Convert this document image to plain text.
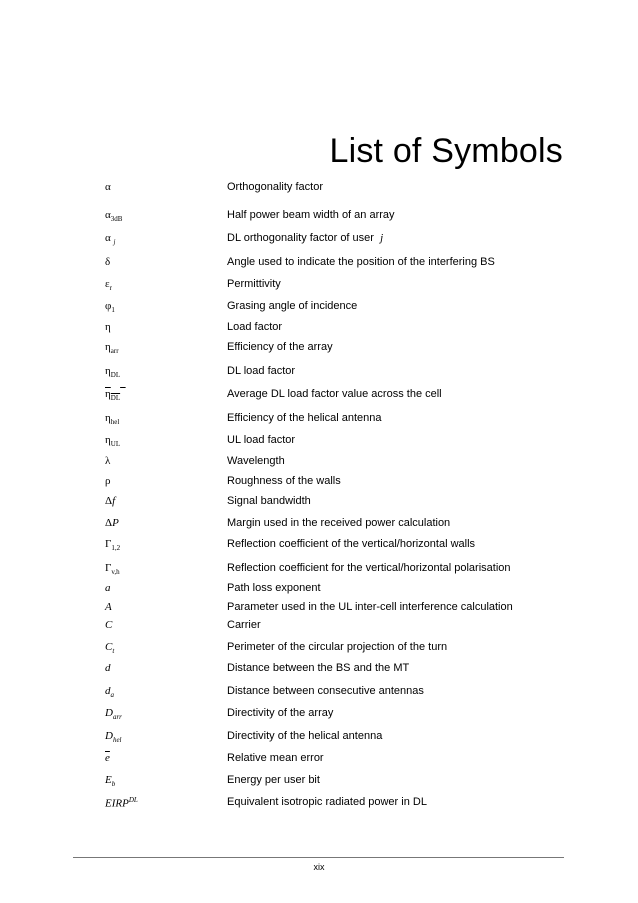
List of Symbols
α	Orthogonality factor
$\alpha_{3dB}$	Half power beam width of an array
α $_j$	DL orthogonality factor of user j
δ	Angle used to indicate the position of the interfering BS
$\varepsilon_r$	Permittivity
$\varphi_1$	Grasing angle of incidence
η	Load factor
$\eta_{arr}$	Efficiency of the array
$\eta_{DL}$	DL load factor
$\eta_{DL}$	Average DL load factor value across the cell
$\eta_{hel}$	Efficiency of the helical antenna
$\eta_{UL}$	UL load factor
λ	Wavelength
ρ	Roughness of the walls
Δf	Signal bandwidth
ΔP	Margin used in the received power calculation
$\Gamma_{1,2}$	Reflection coefficient of the vertical/horizontal walls
$\Gamma_{v,h}$	Reflection coefficient for the vertical/horizontal polarisation
a	Path loss exponent
A	Parameter used in the UL inter-cell interference calculation
C	Carrier
$C_t$	Perimeter of the circular projection of the turn
d	Distance between the BS and the MT
$d_a$	Distance between consecutive antennas
$D_{arr}$	Directivity of the array
$D_{hel}$	Directivity of the helical antenna
$\overline{e}$	Relative mean error
$E_b$	Energy per user bit
$EIRP^{DL}$	Equivalent isotropic radiated power in DL
xix
